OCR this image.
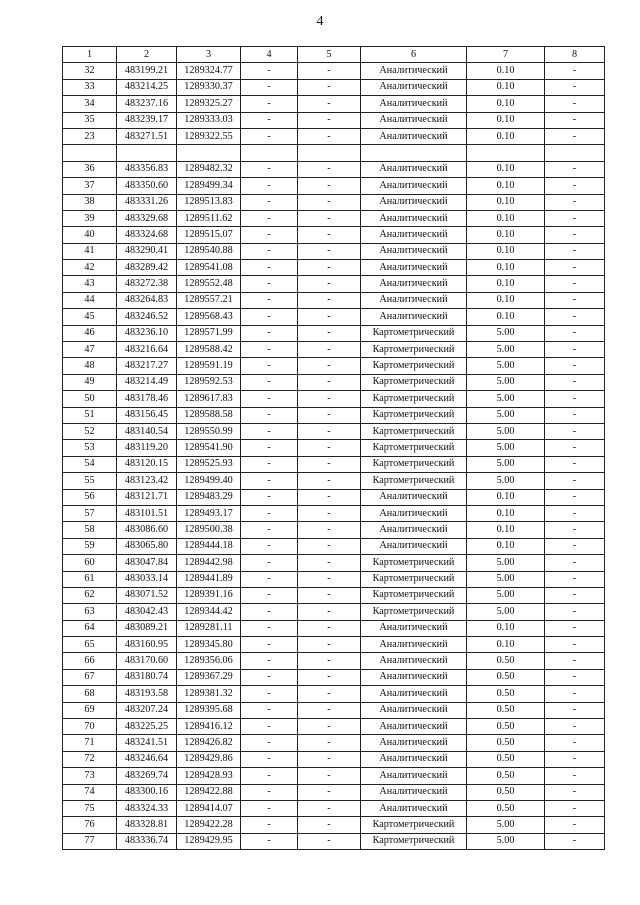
4
1	2	3	4	5	6	7	8
32	483199.21	1289324.77	-	-	Аналитический	0.10	-
33	483214.25	1289330.37	-	-	Аналитический	0.10	-
34	483237.16	1289325.27	-	-	Аналитический	0.10	-
35	483239.17	1289333.03	-	-	Аналитический	0.10	-
23	483271.51	1289322.55	-	-	Аналитический	0.10	-

36	483356.83	1289482.32	-	-	Аналитический	0.10	-
37	483350.60	1289499.34	-	-	Аналитический	0.10	-
38	483331.26	1289513.83	-	-	Аналитический	0.10	-
39	483329.68	1289511.62	-	-	Аналитический	0.10	-
40	483324.68	1289515.07	-	-	Аналитический	0.10	-
41	483290.41	1289540.88	-	-	Аналитический	0.10	-
42	483289.42	1289541.08	-	-	Аналитический	0.10	-
43	483272.38	1289552.48	-	-	Аналитический	0.10	-
44	483264.83	1289557.21	-	-	Аналитический	0.10	-
45	483246.52	1289568.43	-	-	Аналитический	0.10	-
46	483236.10	1289571.99	-	-	Картометрический	5.00	-
47	483216.64	1289588.42	-	-	Картометрический	5.00	-
48	483217.27	1289591.19	-	-	Картометрический	5.00	-
49	483214.49	1289592.53	-	-	Картометрический	5.00	-
50	483178.46	1289617.83	-	-	Картометрический	5.00	-
51	483156.45	1289588.58	-	-	Картометрический	5.00	-
52	483140.54	1289550.99	-	-	Картометрический	5.00	-
53	483119.20	1289541.90	-	-	Картометрический	5.00	-
54	483120.15	1289525.93	-	-	Картометрический	5.00	-
55	483123.42	1289499.40	-	-	Картометрический	5.00	-
56	483121.71	1289483.29	-	-	Аналитический	0.10	-
57	483101.51	1289493.17	-	-	Аналитический	0.10	-
58	483086.60	1289500.38	-	-	Аналитический	0.10	-
59	483065.80	1289444.18	-	-	Аналитический	0.10	-
60	483047.84	1289442.98	-	-	Картометрический	5.00	-
61	483033.14	1289441.89	-	-	Картометрический	5.00	-
62	483071.52	1289391.16	-	-	Картометрический	5.00	-
63	483042.43	1289344.42	-	-	Картометрический	5.00	-
64	483089.21	1289281.11	-	-	Аналитический	0.10	-
65	483160.95	1289345.80	-	-	Аналитический	0.10	-
66	483170.60	1289356.06	-	-	Аналитический	0.50	-
67	483180.74	1289367.29	-	-	Аналитический	0.50	-
68	483193.58	1289381.32	-	-	Аналитический	0.50	-
69	483207.24	1289395.68	-	-	Аналитический	0.50	-
70	483225.25	1289416.12	-	-	Аналитический	0.50	-
71	483241.51	1289426.82	-	-	Аналитический	0.50	-
72	483246.64	1289429.86	-	-	Аналитический	0.50	-
73	483269.74	1289428.93	-	-	Аналитический	0.50	-
74	483300.16	1289422.88	-	-	Аналитический	0.50	-
75	483324.33	1289414.07	-	-	Аналитический	0.50	-
76	483328.81	1289422.28	-	-	Картометрический	5.00	-
77	483336.74	1289429.95	-	-	Картометрический	5.00	-
